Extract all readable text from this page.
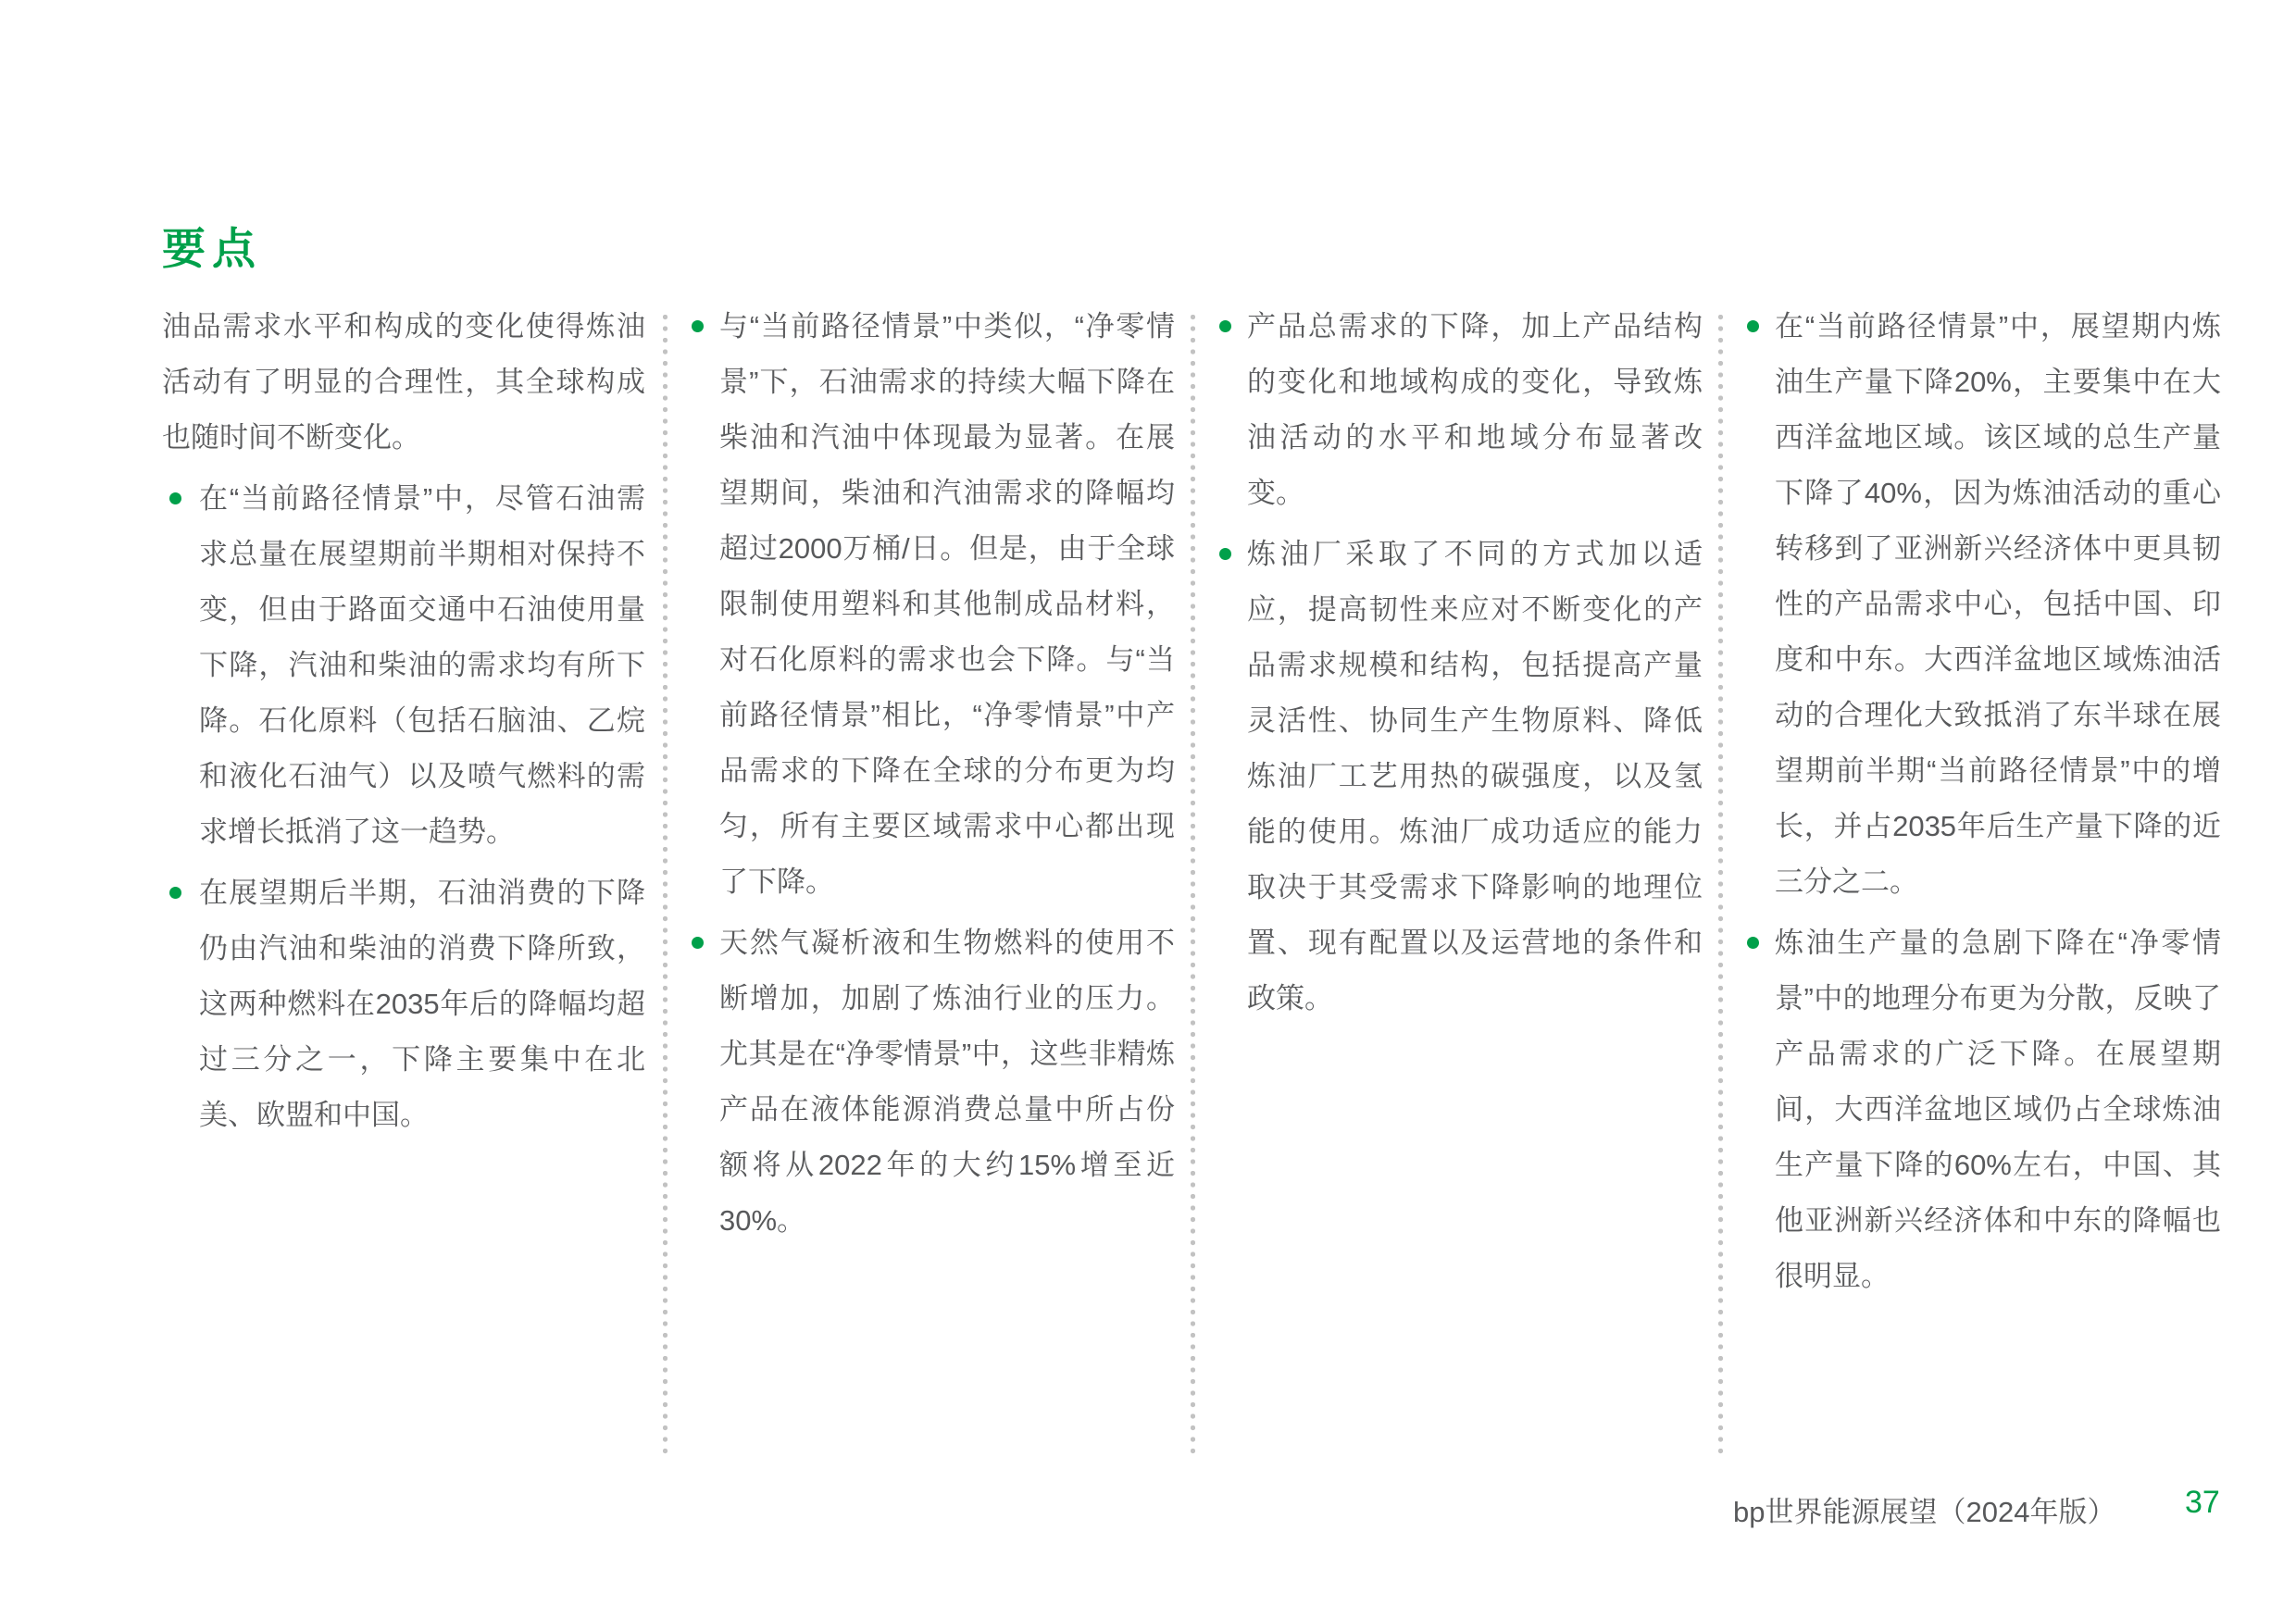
要点

油品需求水平和构成的变化使得炼油活动有了明显的合理性，其全球构成也随时间不断变化。

在“当前路径情景”中，尽管石油需求总量在展望期前半期相对保持不变，但由于路面交通中石油使用量下降，汽油和柴油的需求均有所下降。石化原料（包括石脑油、乙烷和液化石油气）以及喷气燃料的需求增长抵消了这一趋势。
在展望期后半期，石油消费的下降仍由汽油和柴油的消费下降所致，这两种燃料在2035年后的降幅均超过三分之一，下降主要集中在北美、欧盟和中国。
与“当前路径情景”中类似，“净零情景”下，石油需求的持续大幅下降在柴油和汽油中体现最为显著。在展望期间，柴油和汽油需求的降幅均超过2000万桶/日。但是，由于全球限制使用塑料和其他制成品材料，对石化原料的需求也会下降。与“当前路径情景”相比，“净零情景”中产品需求的下降在全球的分布更为均匀，所有主要区域需求中心都出现了下降。
天然气凝析液和生物燃料的使用不断增加，加剧了炼油行业的压力。尤其是在“净零情景”中，这些非精炼产品在液体能源消费总量中所占份额将从2022年的大约15%增至近30%。
产品总需求的下降，加上产品结构的变化和地域构成的变化，导致炼油活动的水平和地域分布显著改变。
炼油厂采取了不同的方式加以适应，提高韧性来应对不断变化的产品需求规模和结构，包括提高产量灵活性、协同生产生物原料、降低炼油厂工艺用热的碳强度，以及氢能的使用。炼油厂成功适应的能力取决于其受需求下降影响的地理位置、现有配置以及运营地的条件和政策。
在“当前路径情景”中，展望期内炼油生产量下降20%，主要集中在大西洋盆地区域。该区域的总生产量下降了40%，因为炼油活动的重心转移到了亚洲新兴经济体中更具韧性的产品需求中心，包括中国、印度和中东。大西洋盆地区域炼油活动的合理化大致抵消了东半球在展望期前半期“当前路径情景”中的增长，并占2035年后生产量下降的近三分之二。
炼油生产量的急剧下降在“净零情景”中的地理分布更为分散，反映了产品需求的广泛下降。在展望期间，大西洋盆地区域仍占全球炼油生产量下降的60%左右，中国、其他亚洲新兴经济体和中东的降幅也很明显。
bp世界能源展望（2024年版） 37
